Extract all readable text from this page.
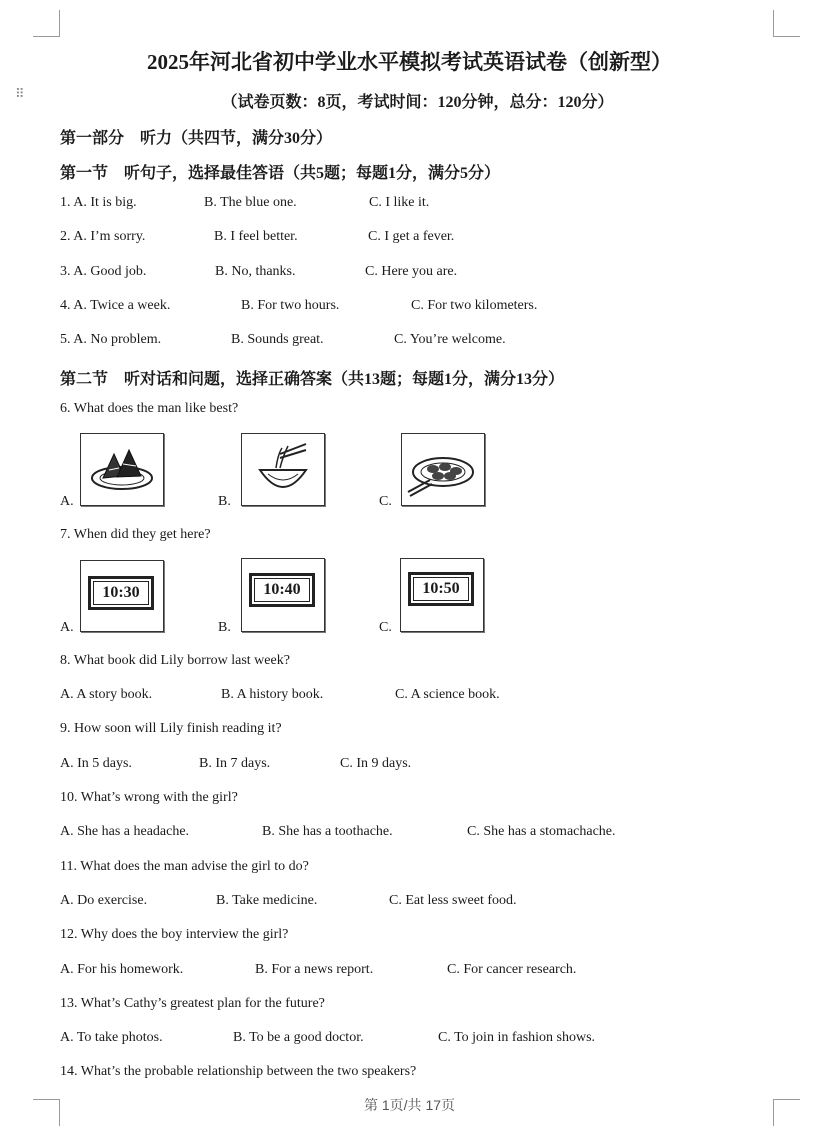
⠿
2025年河北省初中学业水平模拟考试英语试卷（创新型）
（试卷页数：8页，考试时间：120分钟，总分：120分）
第一部分　听力（共四节，满分30分）
第一节　听句子，选择最佳答语（共5题；每题1分，满分5分）
1. A. It is big.	B. The blue one.	C. I like it.
2. A. I’m sorry.	B. I feel better.	C. I get a fever.
3. A. Good job.	B. No, thanks.	C. Here you are.
4. A. Twice a week.	B. For two hours.	C. For two kilometers.
5. A. No problem.	B. Sounds great.	C. You’re welcome.
第二节　听对话和问题，选择正确答案（共13题；每题1分，满分13分）
6. What does the man like best?
A.	B.	C.
7. When did they get here?
A.
10:30
B.
10:40
C.
10:50
8. What book did Lily borrow last week?
A. A story book.	B. A history book.	C. A science book.
9. How soon will Lily finish reading it?
A. In 5 days.	B. In 7 days.	C. In 9 days.
10. What’s wrong with the girl?
A. She has a headache.	B. She has a toothache.	C. She has a stomachache.
11. What does the man advise the girl to do?
A. Do exercise.	B. Take medicine.	C. Eat less sweet food.
12. Why does the boy interview the girl?
A. For his homework.	B. For a news report.	C. For cancer research.
13. What’s Cathy’s greatest plan for the future?
A. To take photos.	B. To be a good doctor.	C. To join in fashion shows.
14. What’s the probable relationship between the two speakers?
第 1页/共 17页
